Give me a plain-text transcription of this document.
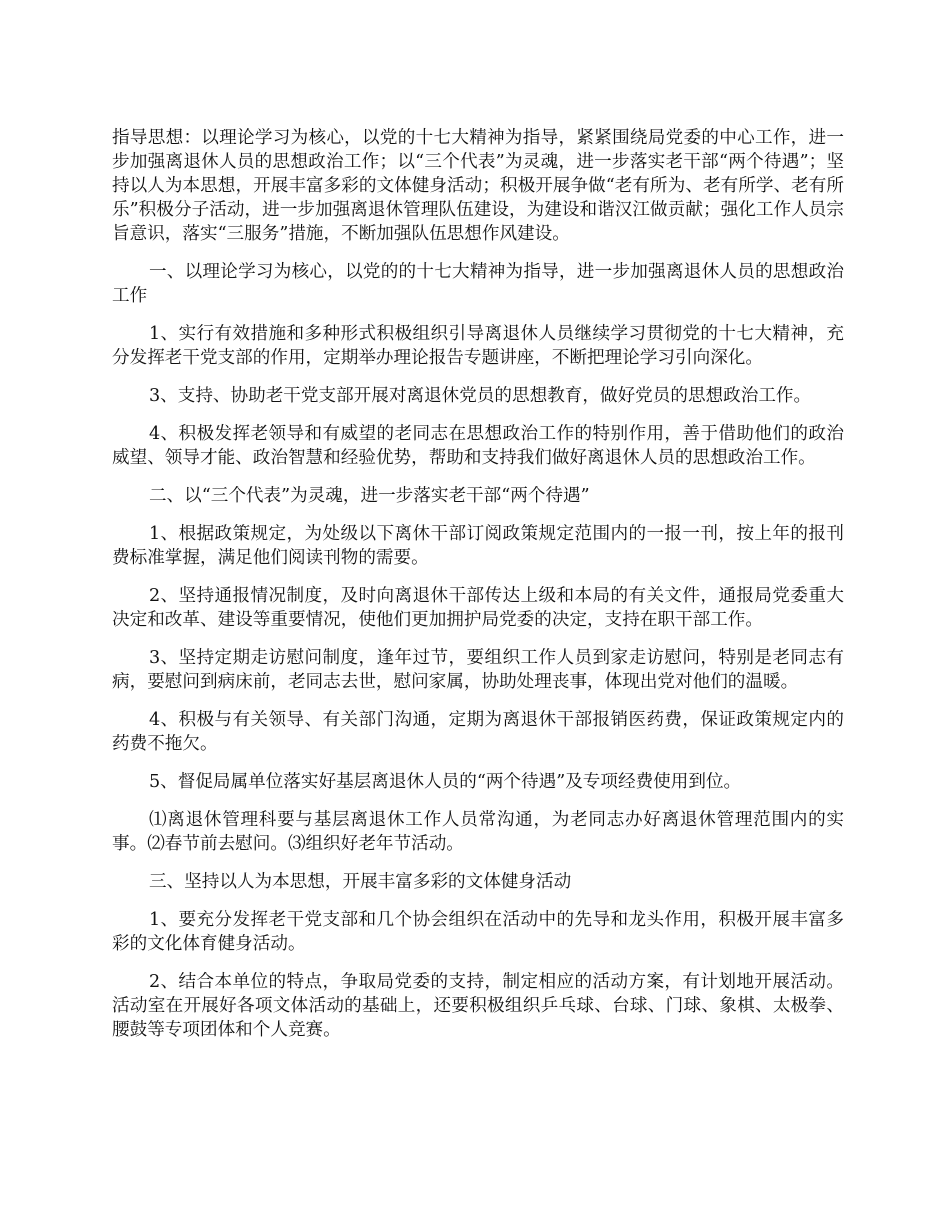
指导思想：以理论学习为核心，以党的十七大精神为指导，紧紧围绕局党委的中心工作，进一步加强离退休人员的思想政治工作；以“三个代表”为灵魂，进一步落实老干部“两个待遇”；坚持以人为本思想，开展丰富多彩的文体健身活动；积极开展争做“老有所为、老有所学、老有所乐”积极分子活动，进一步加强离退休管理队伍建设，为建设和谐汉江做贡献；强化工作人员宗旨意识，落实“三服务”措施，不断加强队伍思想作风建设。

一、以理论学习为核心，以党的的十七大精神为指导，进一步加强离退休人员的思想政治工作

1、实行有效措施和多种形式积极组织引导离退休人员继续学习贯彻党的十七大精神，充分发挥老干党支部的作用，定期举办理论报告专题讲座，不断把理论学习引向深化。

3、支持、协助老干党支部开展对离退休党员的思想教育，做好党员的思想政治工作。

4、积极发挥老领导和有威望的老同志在思想政治工作的特别作用，善于借助他们的政治威望、领导才能、政治智慧和经验优势，帮助和支持我们做好离退休人员的思想政治工作。

二、以“三个代表”为灵魂，进一步落实老干部“两个待遇”

1、根据政策规定，为处级以下离休干部订阅政策规定范围内的一报一刊，按上年的报刊费标准掌握，满足他们阅读刊物的需要。

2、坚持通报情况制度，及时向离退休干部传达上级和本局的有关文件，通报局党委重大决定和改革、建设等重要情况，使他们更加拥护局党委的决定，支持在职干部工作。

3、坚持定期走访慰问制度，逢年过节，要组织工作人员到家走访慰问，特别是老同志有病，要慰问到病床前，老同志去世，慰问家属，协助处理丧事，体现出党对他们的温暖。

4、积极与有关领导、有关部门沟通，定期为离退休干部报销医药费，保证政策规定内的药费不拖欠。

5、督促局属单位落实好基层离退休人员的“两个待遇”及专项经费使用到位。

⑴离退休管理科要与基层离退休工作人员常沟通，为老同志办好离退休管理范围内的实事。⑵春节前去慰问。⑶组织好老年节活动。

三、坚持以人为本思想，开展丰富多彩的文体健身活动

1、要充分发挥老干党支部和几个协会组织在活动中的先导和龙头作用，积极开展丰富多彩的文化体育健身活动。

2、结合本单位的特点，争取局党委的支持，制定相应的活动方案，有计划地开展活动。活动室在开展好各项文体活动的基础上，还要积极组织乒乓球、台球、门球、象棋、太极拳、腰鼓等专项团体和个人竞赛。
